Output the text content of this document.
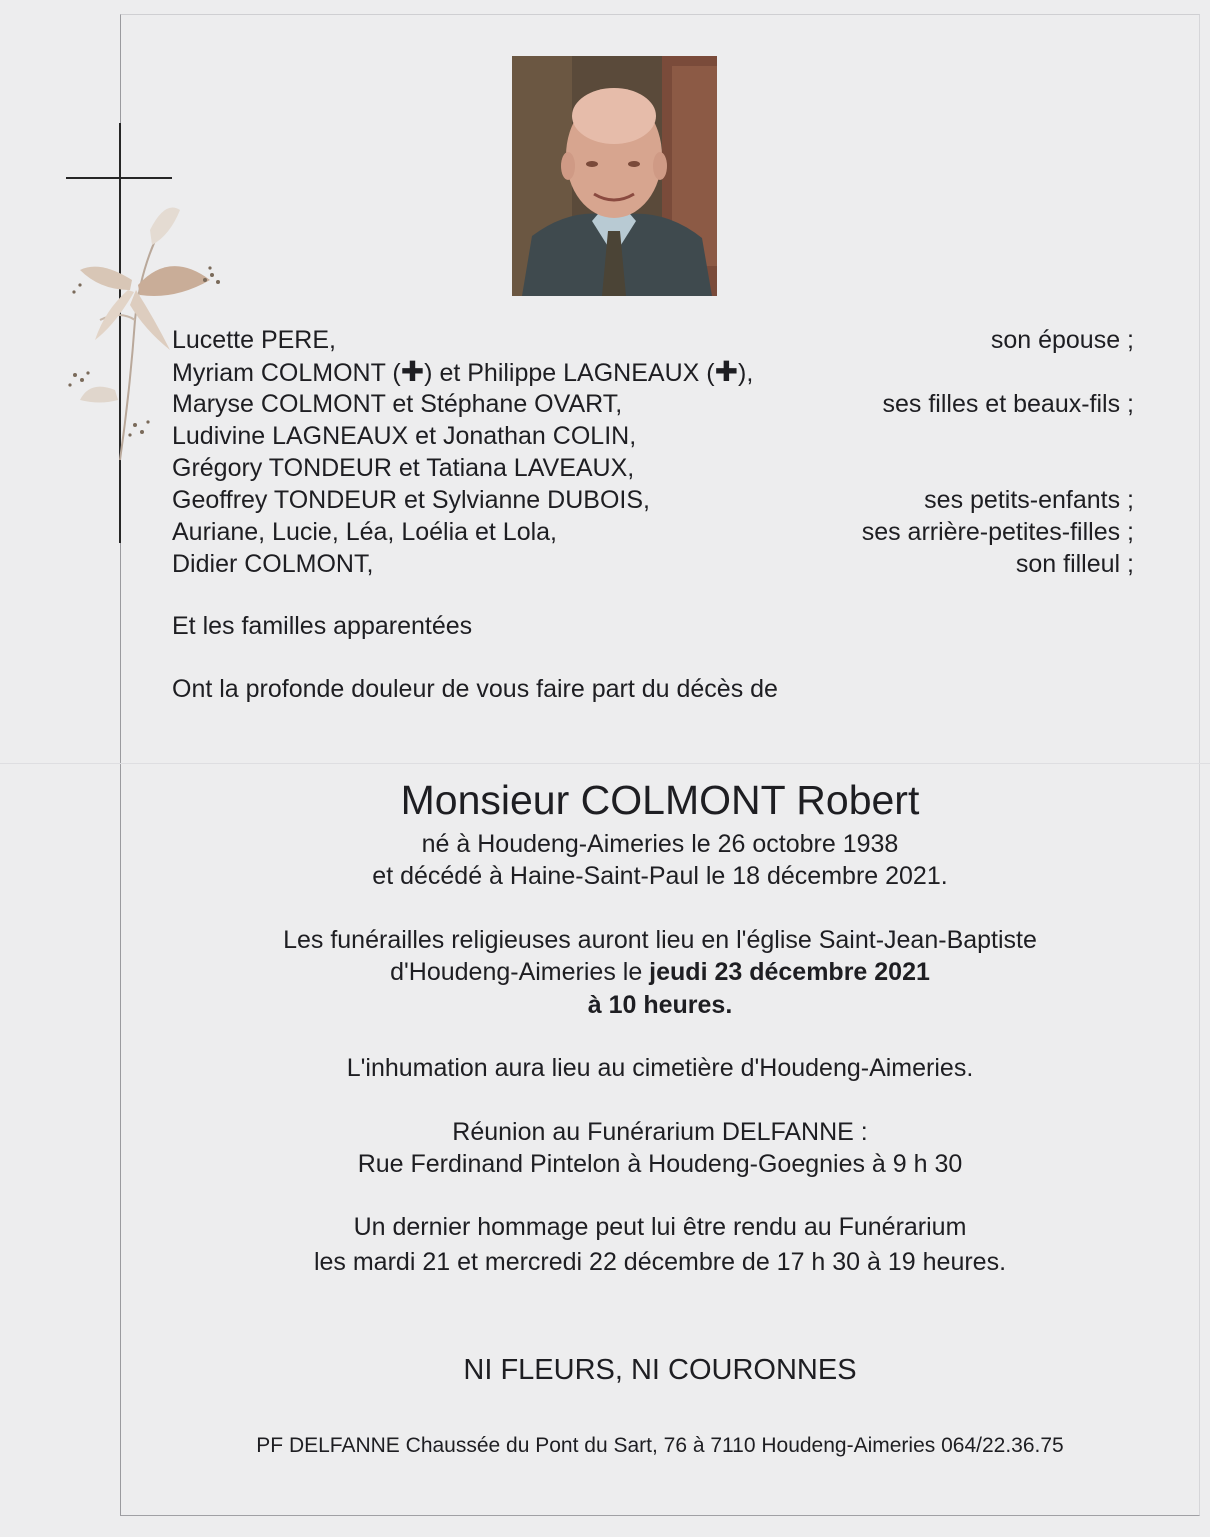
Lucette PERE,	son épouse ;
Myriam COLMONT (✚) et Philippe LAGNEAUX (✚),
Maryse COLMONT et Stéphane OVART,	ses filles et beaux-fils ;
Ludivine LAGNEAUX et Jonathan COLIN,
Grégory TONDEUR et Tatiana LAVEAUX,
Geoffrey TONDEUR et Sylvianne DUBOIS,	ses petits-enfants ;
Auriane, Lucie, Léa, Loélia et Lola,	ses arrière-petites-filles ;
Didier COLMONT,	son filleul ;
Et les familles apparentées
Ont la profonde douleur de vous faire part du décès de
Monsieur COLMONT Robert
né à Houdeng-Aimeries le 26 octobre 1938
et décédé à Haine-Saint-Paul le 18 décembre 2021.
Les funérailles religieuses auront lieu en l'église Saint-Jean-Baptiste
d'Houdeng-Aimeries le jeudi 23 décembre 2021
à 10 heures.
L'inhumation aura lieu au cimetière d'Houdeng-Aimeries.
Réunion au Funérarium DELFANNE :
Rue Ferdinand Pintelon à Houdeng-Goegnies à 9 h 30
Un dernier hommage peut lui être rendu au Funérarium
les mardi 21 et mercredi 22 décembre de 17 h 30 à 19 heures.
NI FLEURS, NI COURONNES
PF DELFANNE Chaussée du Pont du Sart, 76 à 7110 Houdeng-Aimeries 064/22.36.75
